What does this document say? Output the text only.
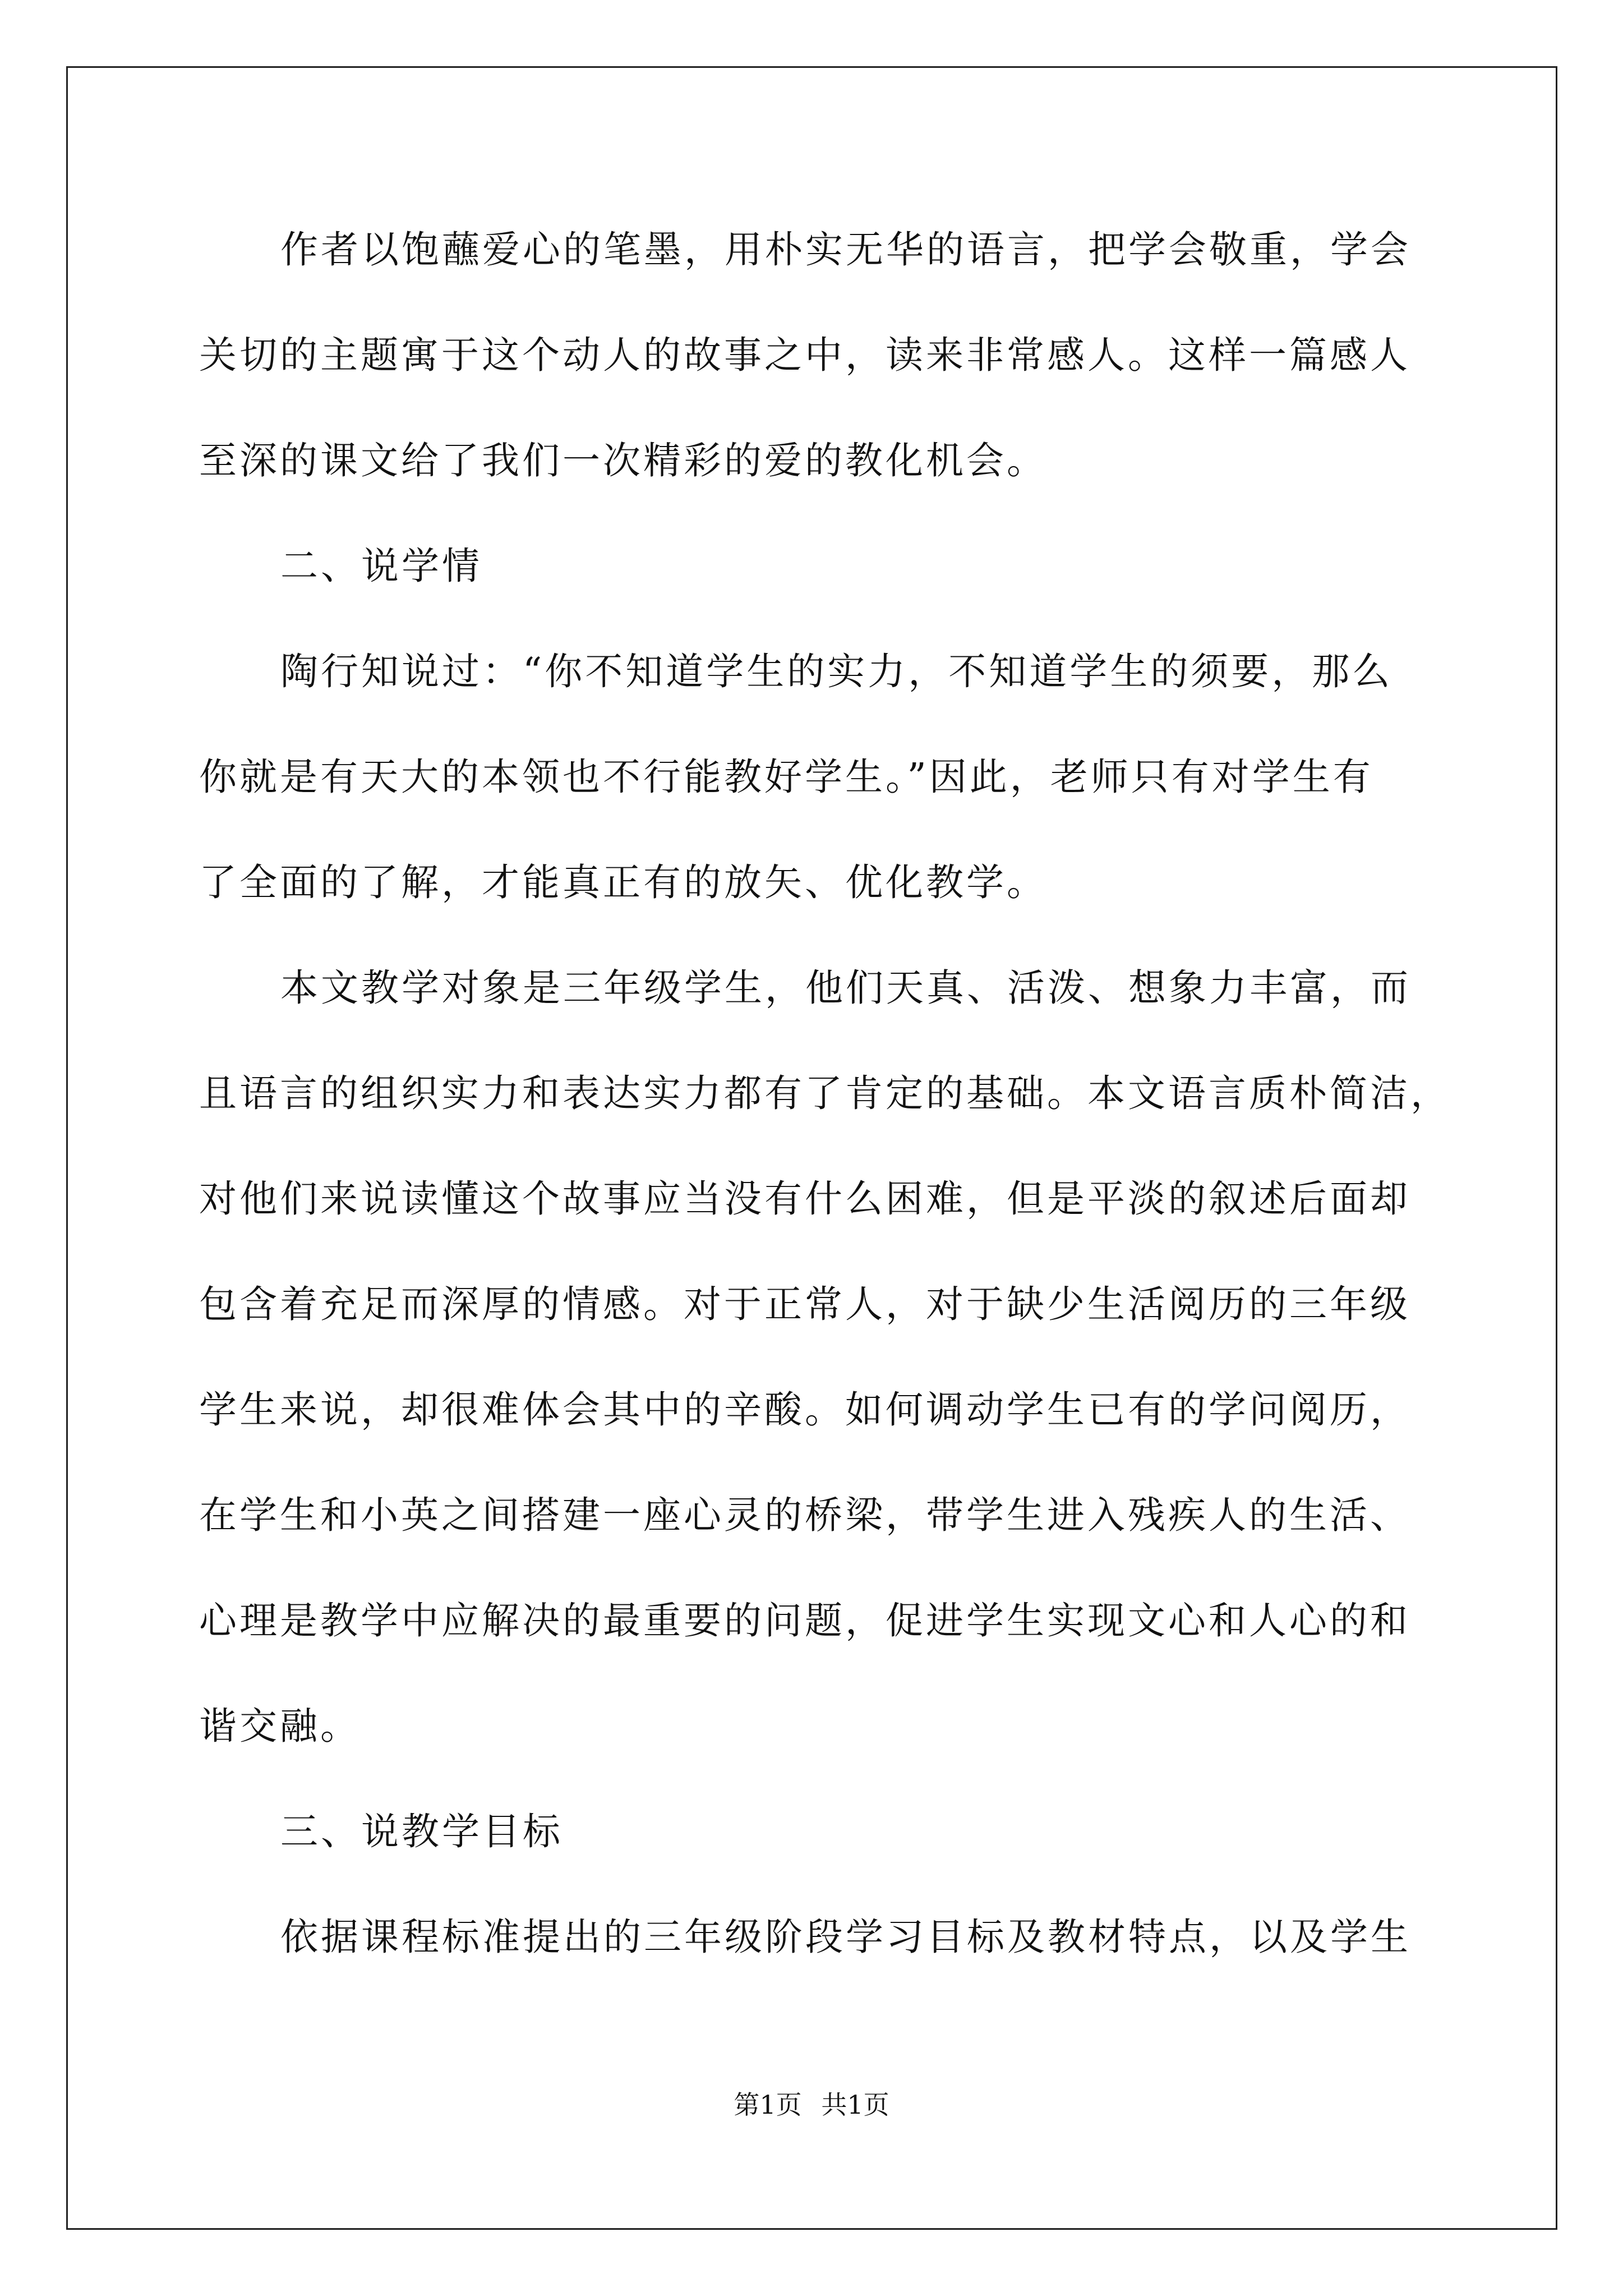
作者以饱蘸爱心的笔墨，用朴实无华的语言，把学会敬重，学会
关切的主题寓于这个动人的故事之中，读来非常感人。这样一篇感人
至深的课文给了我们一次精彩的爱的教化机会。
二、说学情
陶行知说过：“你不知道学生的实力，不知道学生的须要，那么
你就是有天大的本领也不行能教好学生。”因此，老师只有对学生有
了全面的了解，才能真正有的放矢、优化教学。
本文教学对象是三年级学生，他们天真、活泼、想象力丰富，而
且语言的组织实力和表达实力都有了肯定的基础。本文语言质朴简洁，
对他们来说读懂这个故事应当没有什么困难，但是平淡的叙述后面却
包含着充足而深厚的情感。对于正常人，对于缺少生活阅历的三年级
学生来说，却很难体会其中的辛酸。如何调动学生已有的学问阅历，
在学生和小英之间搭建一座心灵的桥梁，带学生进入残疾人的生活、
心理是教学中应解决的最重要的问题，促进学生实现文心和人心的和
谐交融。
三、说教学目标
依据课程标准提出的三年级阶段学习目标及教材特点，以及学生
第1页 共1页
